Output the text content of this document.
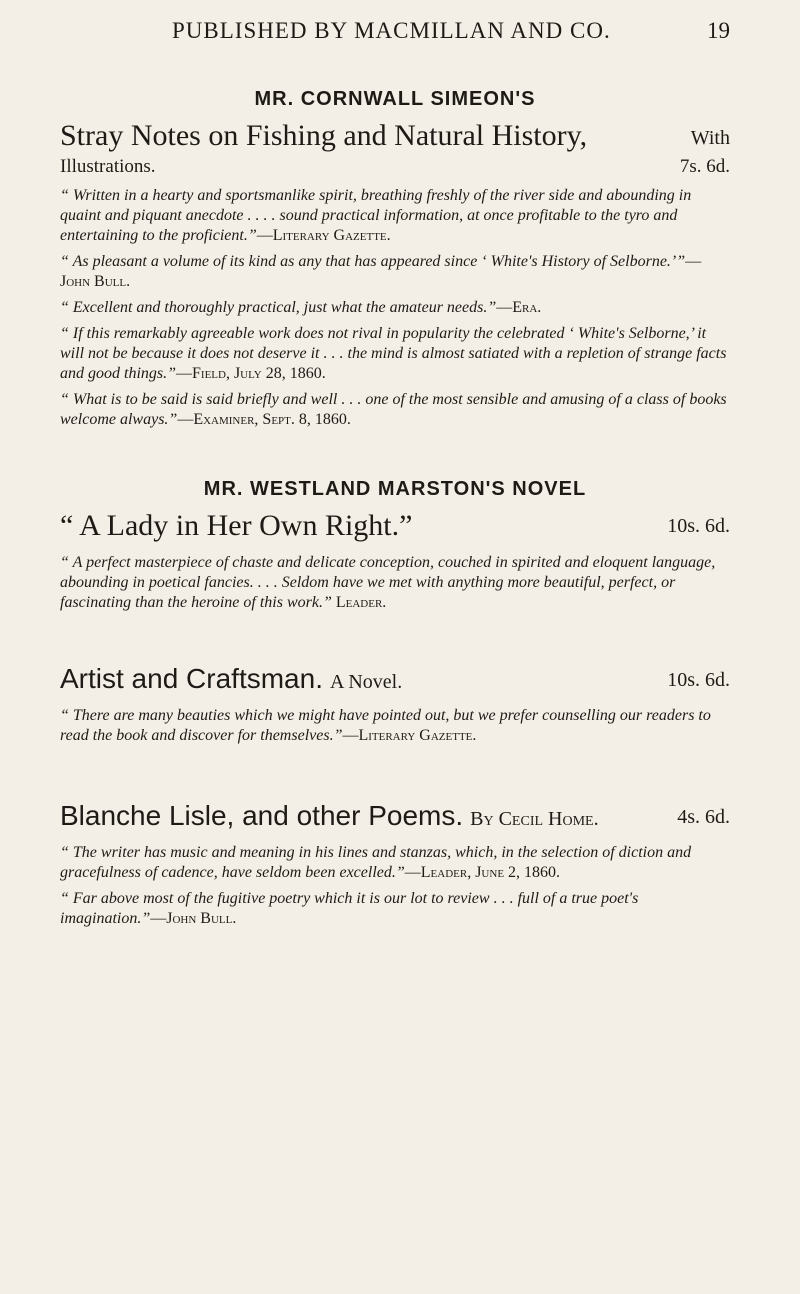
PUBLISHED BY MACMILLAN AND CO.	19

MR. CORNWALL SIMEON'S

Stray Notes on Fishing and Natural History,	With

Illustrations.	7s. 6d.

“ Written in a hearty and sportsmanlike spirit, breathing freshly of the river side and abounding in quaint and piquant anecdote . . . . sound practical information, at once profitable to the tyro and entertaining to the proficient.”—Literary Gazette.

“ As pleasant a volume of its kind as any that has appeared since ‘ White's History of Selborne.’”—John Bull.

“ Excellent and thoroughly practical, just what the amateur needs.”—Era.

“ If this remarkably agreeable work does not rival in popularity the celebrated ‘ White's Selborne,’ it will not be because it does not deserve it . . . the mind is almost satiated with a repletion of strange facts and good things.”—Field, July 28, 1860.

“ What is to be said is said briefly and well . . . one of the most sensible and amusing of a class of books welcome always.”—Examiner, Sept. 8, 1860.

MR. WESTLAND MARSTON'S NOVEL

“ A Lady in Her Own Right.”	10s. 6d.

“ A perfect masterpiece of chaste and delicate conception, couched in spirited and eloquent language, abounding in poetical fancies. . . . Seldom have we met with anything more beautiful, perfect, or fascinating than the heroine of this work.” Leader.

Artist and Craftsman. A Novel.	10s. 6d.

“ There are many beauties which we might have pointed out, but we prefer counselling our readers to read the book and discover for themselves.”—Literary Gazette.

Blanche Lisle, and other Poems. By Cecil Home.	4s. 6d.

“ The writer has music and meaning in his lines and stanzas, which, in the selection of diction and gracefulness of cadence, have seldom been excelled.”—Leader, June 2, 1860.

“ Far above most of the fugitive poetry which it is our lot to review . . . full of a true poet's imagination.”—John Bull.
